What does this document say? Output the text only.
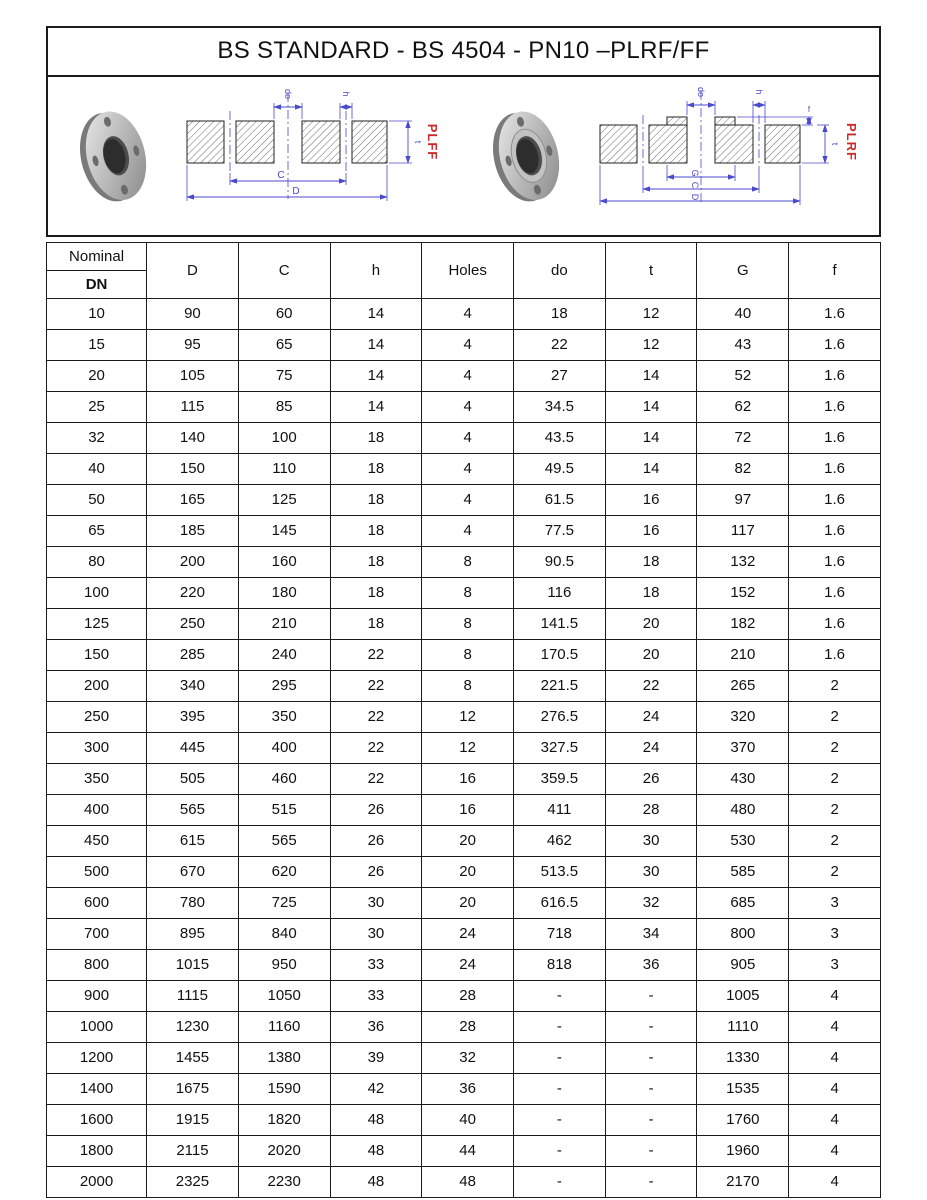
BS STANDARD - BS 4504 - PN10 –PLRF/FF
do	h
t
C
D
PLFF
do	h
f
t
G
C
D
PLRF
Nominal	D	C	h	Holes	do	t	G	f
DN								
10	90	60	14	4	18	12	40	1.6
15	95	65	14	4	22	12	43	1.6
20	105	75	14	4	27	14	52	1.6
25	115	85	14	4	34.5	14	62	1.6
32	140	100	18	4	43.5	14	72	1.6
40	150	110	18	4	49.5	14	82	1.6
50	165	125	18	4	61.5	16	97	1.6
65	185	145	18	4	77.5	16	117	1.6
80	200	160	18	8	90.5	18	132	1.6
100	220	180	18	8	116	18	152	1.6
125	250	210	18	8	141.5	20	182	1.6
150	285	240	22	8	170.5	20	210	1.6
200	340	295	22	8	221.5	22	265	2
250	395	350	22	12	276.5	24	320	2
300	445	400	22	12	327.5	24	370	2
350	505	460	22	16	359.5	26	430	2
400	565	515	26	16	411	28	480	2
450	615	565	26	20	462	30	530	2
500	670	620	26	20	513.5	30	585	2
600	780	725	30	20	616.5	32	685	3
700	895	840	30	24	718	34	800	3
800	1015	950	33	24	818	36	905	3
900	1115	1050	33	28	-	-	1005	4
1000	1230	1160	36	28	-	-	1110	4
1200	1455	1380	39	32	-	-	1330	4
1400	1675	1590	42	36	-	-	1535	4
1600	1915	1820	48	40	-	-	1760	4
1800	2115	2020	48	44	-	-	1960	4
2000	2325	2230	48	48	-	-	2170	4
